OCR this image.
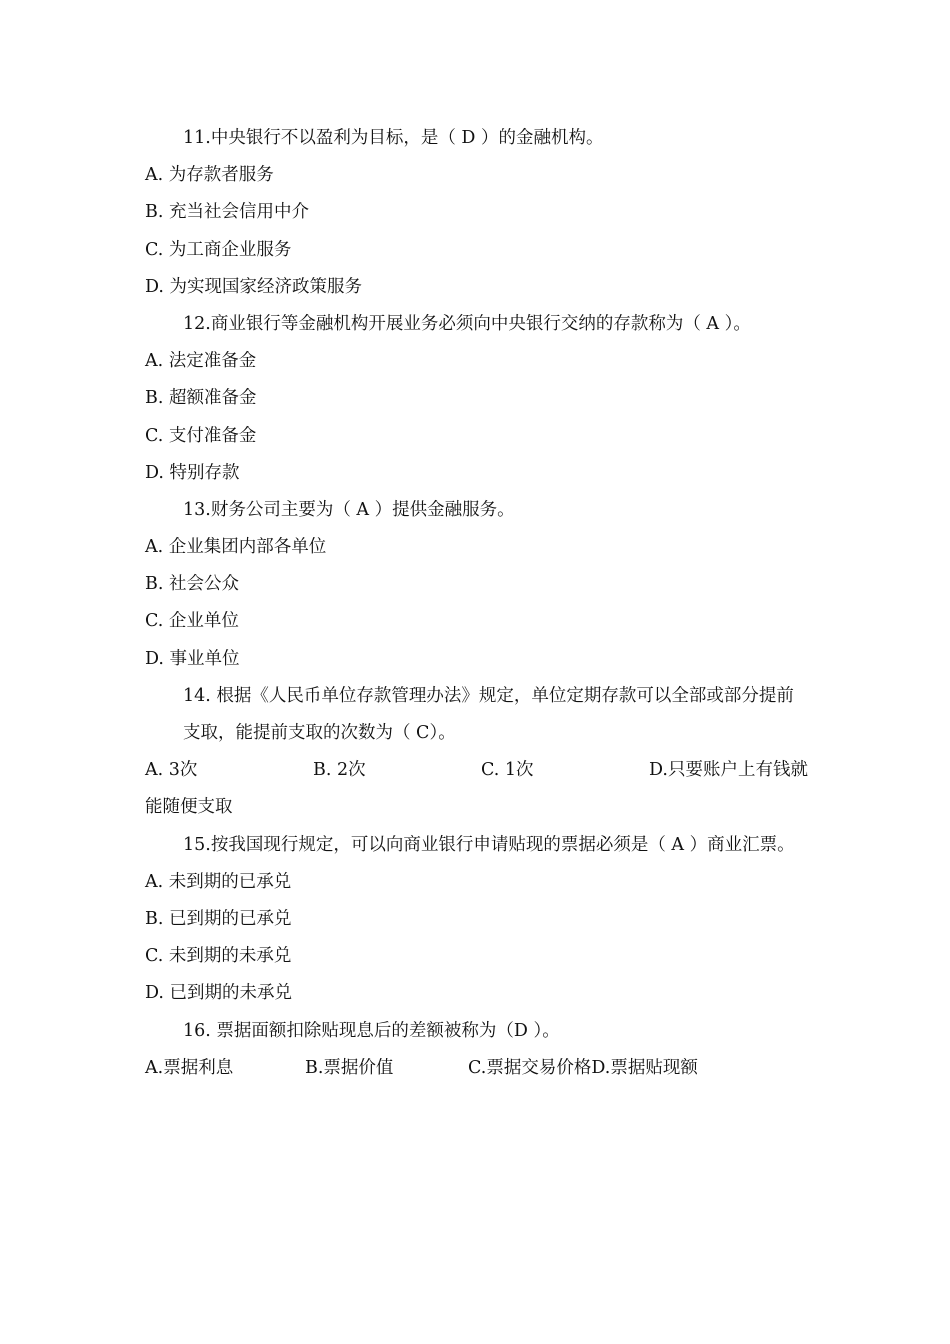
11.中央银行不以盈利为目标，是（ D ）的金融机构。
A. 为存款者服务
B. 充当社会信用中介
C. 为工商企业服务
D. 为实现国家经济政策服务
12.商业银行等金融机构开展业务必须向中央银行交纳的存款称为（ A ）。
A. 法定准备金
B. 超额准备金
C. 支付准备金
D. 特别存款
13.财务公司主要为（ A ）提供金融服务。
A. 企业集团内部各单位
B. 社会公众
C. 企业单位
D. 事业单位
14. 根据《人民币单位存款管理办法》规定，单位定期存款可以全部或部分提前支取，能提前支取的次数为（ C）。
A. 3次	B. 2次	C. 1次	D.只要账户上有钱就能随便支取
15.按我国现行规定，可以向商业银行申请贴现的票据必须是（ A ）商业汇票。
A. 未到期的已承兑
B. 已到期的已承兑
C. 未到期的未承兑
D. 已到期的未承兑
16. 票据面额扣除贴现息后的差额被称为（D ）。
A.票据利息	B.票据价值	C.票据交易价格 D.票据贴现额
